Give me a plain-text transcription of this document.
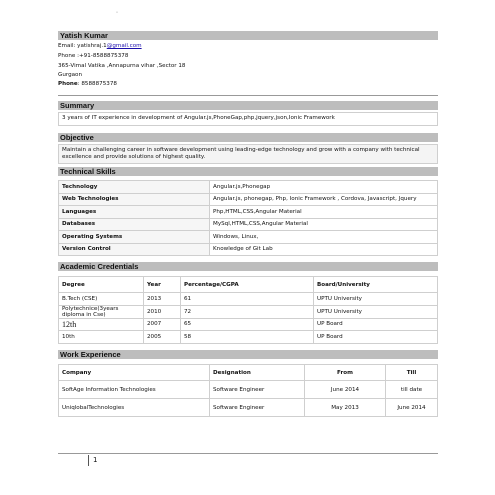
˙
Yatish Kumar
Email: yatishraj.1@gmail.com
Phone :+91-8588875378
365-Vimal Vatika ,Annapurna vihar ,Sector 18
Gurgaon
Phone: 8588875378
Summary
3 years of IT experience in development of Angular.js,PhoneGap,php,jquery,json,Ionic Framework
Objective
Maintain a challenging career in software development using leading-edge technology and grow with a company with technical excellence and provide solutions of highest quality.
Technical Skills
Technology	Angular.js,Phonegap
Web Technologies	Angular.js, phonegap, Php, Ionic Framework , Cordova, Javascript, Jquery
Languages	Php,HTML,CSS,Angular Material
Databases	MySql,HTML,CSS,Angular Material
Operating Systems	Windows, Linux,
Version Control	Knowledge of Git Lab
Academic Credentials
Degree	Year	Percentage/CGPA	Board/University
B.Tech (CSE)	2013	61	UPTU University
Polytechnice(3years diploma in Cse)	2010	72	UPTU University
12th	2007	65	UP Board
10th	2005	58	UP Board
Work Experience
Company	Designation	From	Till
SoftAge Information Technologies	Software Engineer	June 2014	till date
UniqlobalTechnologies	Software Engineer	May 2013	June 2014
1
